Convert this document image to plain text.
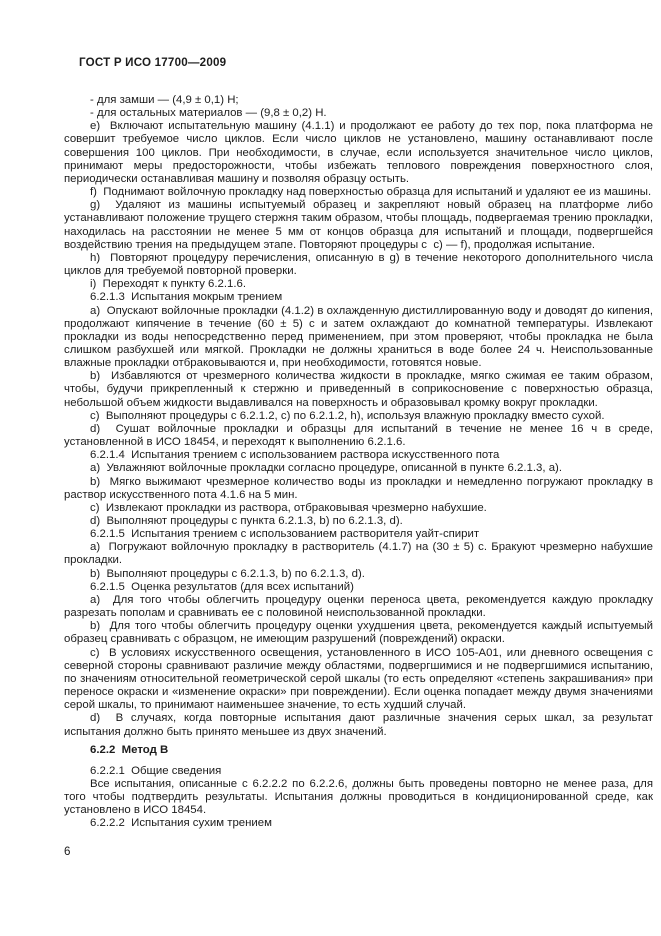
ГОСТ Р ИСО 17700—2009

- для замши — (4,9 ± 0,1) Н;

- для остальных материалов — (9,8 ± 0,2) Н.

e)  Включают испытательную машину (4.1.1) и продолжают ее работу до тех пор, пока платформа не совершит требуемое число циклов. Если число циклов не установлено, машину останавливают после совершения 100 циклов. При необходимости, в случае, если используется значительное число циклов, принимают меры предосторожности, чтобы избежать теплового повреждения поверхностного слоя, периодически останавливая машину и позволяя образцу остыть.

f)  Поднимают войлочную прокладку над поверхностью образца для испытаний и удаляют ее из машины.

g)  Удаляют из машины испытуемый образец и закрепляют новый образец на платформе либо устанавливают положение трущего стержня таким образом, чтобы площадь, подвергаемая трению прокладки, находилась на расстоянии не менее 5 мм от концов образца для испытаний и площади, подвергшейся воздействию трения на предыдущем этапе. Повторяют процедуры с  c) — f), продолжая испытание.

h)  Повторяют процедуру перечисления, описанную в g) в течение некоторого дополнительного числа циклов для требуемой повторной проверки.

i)  Переходят к пункту 6.2.1.6.

6.2.1.3  Испытания мокрым трением

a)  Опускают войлочные прокладки (4.1.2) в охлажденную дистиллированную воду и доводят до кипения, продолжают кипячение в течение (60 ± 5) с и затем охлаждают до комнатной температуры. Извлекают прокладки из воды непосредственно перед применением, при этом проверяют, чтобы прокладка не была слишком разбухшей или мягкой. Прокладки не должны храниться в воде более 24 ч. Неиспользованные влажные прокладки отбраковываются и, при необходимости, готовятся новые.

b)  Избавляются от чрезмерного количества жидкости в прокладке, мягко сжимая ее таким образом, чтобы, будучи прикрепленный к стержню и приведенный в соприкосновение с поверхностью образца, небольшой объем жидкости выдавливался на поверхность и образовывал кромку вокруг прокладки.

c)  Выполняют процедуры с 6.2.1.2, c) по 6.2.1.2, h), используя влажную прокладку вместо сухой.

d)  Сушат войлочные прокладки и образцы для испытаний в течение не менее 16 ч в среде, установленной в ИСО 18454, и переходят к выполнению 6.2.1.6.

6.2.1.4  Испытания трением с использованием раствора искусственного пота

a)  Увлажняют войлочные прокладки согласно процедуре, описанной в пункте 6.2.1.3, a).

b)  Мягко выжимают чрезмерное количество воды из прокладки и немедленно погружают прокладку в раствор искусственного пота 4.1.6 на 5 мин.

c)  Извлекают прокладки из раствора, отбраковывая чрезмерно набухшие.

d)  Выполняют процедуры с пункта 6.2.1.3, b) по 6.2.1.3, d).

6.2.1.5  Испытания трением с использованием растворителя уайт-спирит

a)  Погружают войлочную прокладку в растворитель (4.1.7) на (30 ± 5) с. Бракуют чрезмерно набухшие прокладки.

b)  Выполняют процедуры с 6.2.1.3, b) по 6.2.1.3, d).

6.2.1.5  Оценка результатов (для всех испытаний)

a)  Для того чтобы облегчить процедуру оценки переноса цвета, рекомендуется каждую прокладку разрезать пополам и сравнивать ее с половиной неиспользованной прокладки.

b)  Для того чтобы облегчить процедуру оценки ухудшения цвета, рекомендуется каждый испытуемый образец сравнивать с образцом, не имеющим разрушений (повреждений) окраски.

c)  В условиях искусственного освещения, установленного в ИСО 105-А01, или дневного освещения с северной стороны сравнивают различие между областями, подвергшимися и не подвергшимися испытанию, по значениям относительной геометрической серой шкалы (то есть определяют «степень закрашивания» при переносе окраски и «изменение окраски» при повреждении). Если оценка попадает между двумя значениями серой шкалы, то принимают наименьшее значение, то есть худший случай.

d)  В случаях, когда повторные испытания дают различные значения серых шкал, за результат испытания должно быть принято меньшее из двух значений.

6.2.2  Метод В

6.2.2.1  Общие сведения

Все испытания, описанные с 6.2.2.2 по 6.2.2.6, должны быть проведены повторно не менее раза, для того чтобы подтвердить результаты. Испытания должны проводиться в кондиционированной среде, как установлено в ИСО 18454.

6.2.2.2  Испытания сухим трением

6
